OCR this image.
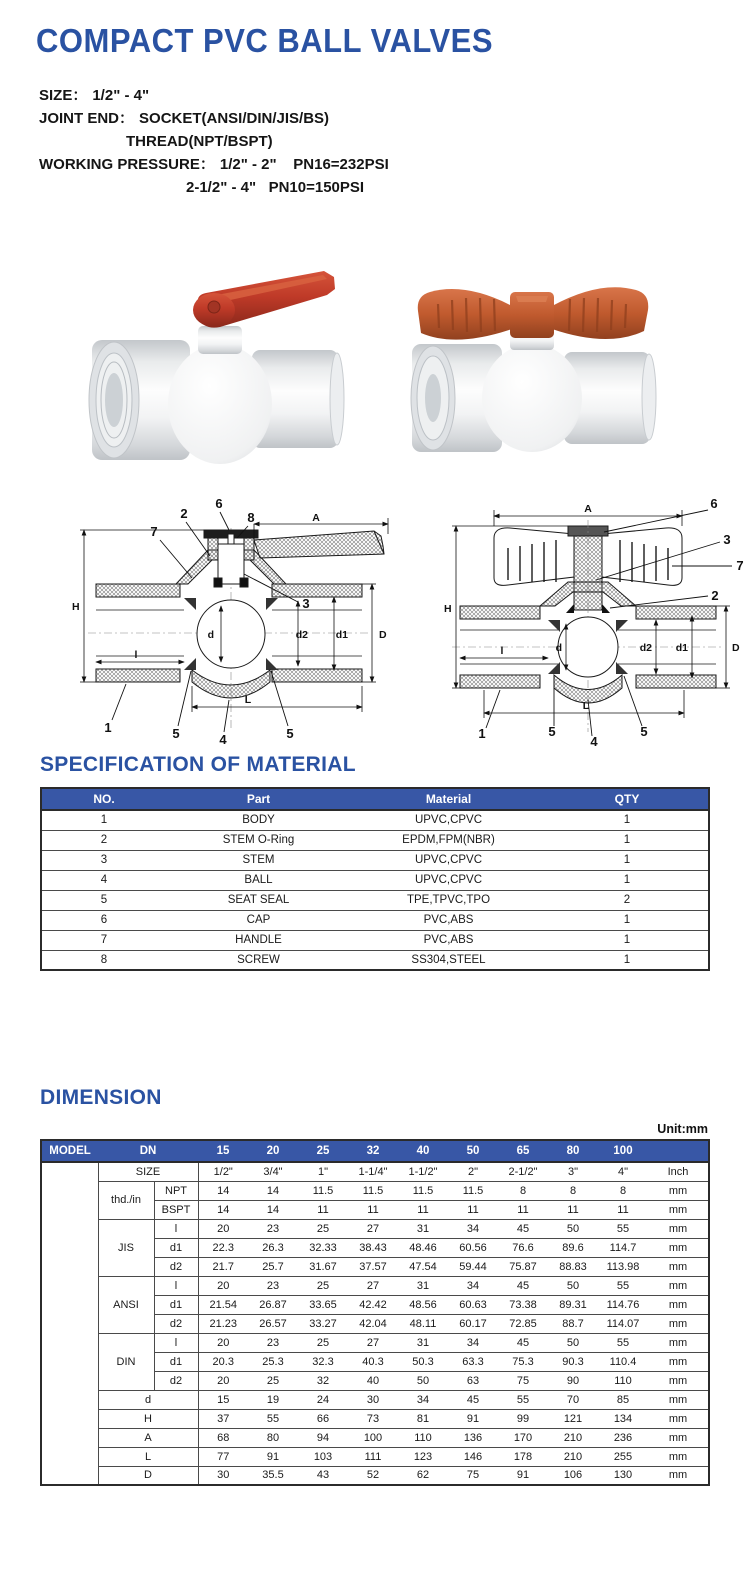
COMPACT PVC BALL VALVES
SIZE： 1/2" - 4"
JOINT END： SOCKET(ANSI/DIN/JIS/BS)
THREAD(NPT/BSPT)
WORKING PRESSURE： 1/2" - 2"    PN16=232PSI
2-1/2" - 4"   PN10=150PSI
A
H
l
L
d	d2	d1	D
7
2
6
8
3
1	5	4	5
A
H
l
L
d	d2 d1	D
6
3
7
2
1	5
4
5
SPECIFICATION OF MATERIAL
NO.	Part	Material	QTY
1	BODY	UPVC,CPVC	1
2	STEM O-Ring	EPDM,FPM(NBR)	1
3	STEM	UPVC,CPVC	1
4	BALL	UPVC,CPVC	1
5	SEAT SEAL	TPE,TPVC,TPO	2
6	CAP	PVC,ABS	1
7	HANDLE	PVC,ABS	1
8	SCREW	SS304,STEEL	1
DIMENSION
Unit:mm
MODEL	DN		15	20	25	32	40	50	65	80	100	
	SIZE		1/2"	3/4"	1"	1-1/4"	1-1/2"	2"	2-1/2"	3"	4"	Inch
	thd./in	NPT	14	14	11.5	11.5	11.5	11.5	8	8	8	mm
		BSPT	14	14	11	11	11	11	11	11	11	mm
	JIS	l	20	23	25	27	31	34	45	50	55	mm
		d1	22.3	26.3	32.33	38.43	48.46	60.56	76.6	89.6	114.7	mm
		d2	21.7	25.7	31.67	37.57	47.54	59.44	75.87	88.83	113.98	mm
	ANSI	l	20	23	25	27	31	34	45	50	55	mm
		d1	21.54	26.87	33.65	42.42	48.56	60.63	73.38	89.31	114.76	mm
		d2	21.23	26.57	33.27	42.04	48.11	60.17	72.85	88.7	114.07	mm
	DIN	l	20	23	25	27	31	34	45	50	55	mm
		d1	20.3	25.3	32.3	40.3	50.3	63.3	75.3	90.3	110.4	mm
		d2	20	25	32	40	50	63	75	90	110	mm
	d		15	19	24	30	34	45	55	70	85	mm
	H		37	55	66	73	81	91	99	121	134	mm
	A		68	80	94	100	110	136	170	210	236	mm
	L		77	91	103	111	123	146	178	210	255	mm
	D		30	35.5	43	52	62	75	91	106	130	mm
